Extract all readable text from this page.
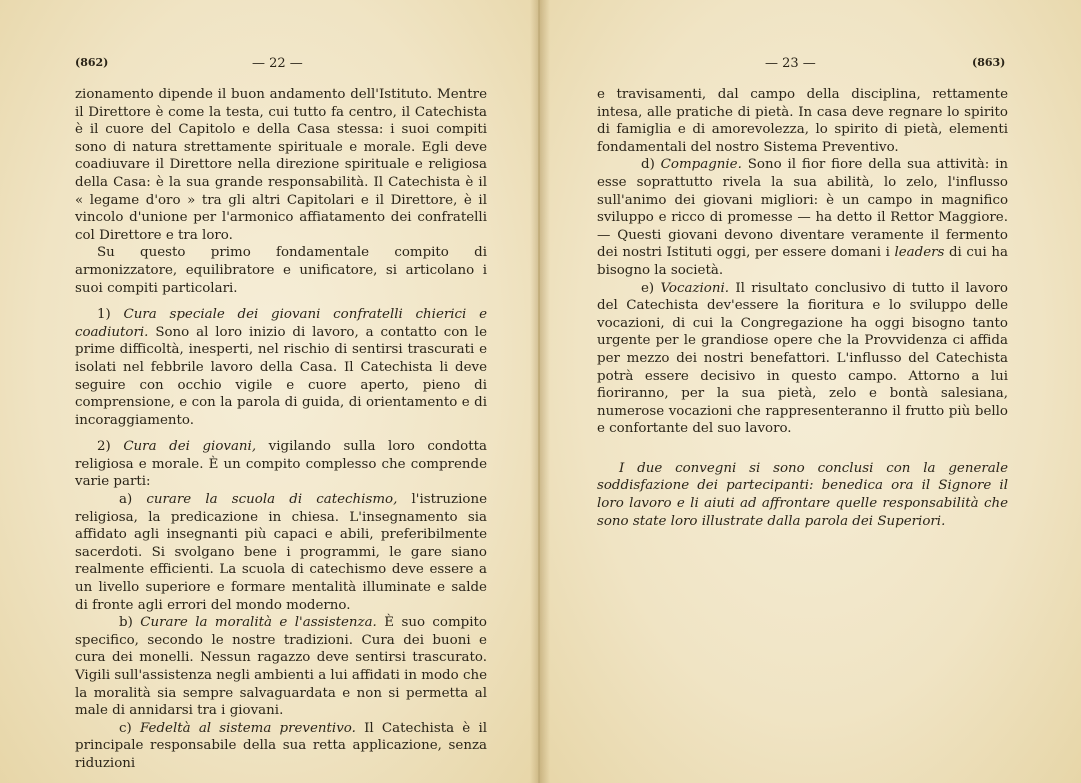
(862)	— 22 —

zionamento dipende il buon andamento dell'Istituto. Mentre il Direttore è come la testa, cui tutto fa centro, il Catechista è il cuore del Capitolo e della Casa stessa: i suoi compiti sono di natura strettamente spirituale e morale. Egli deve coadiuvare il Direttore nella direzione spirituale e religiosa della Casa: è la sua grande responsabilità. Il Catechista è il « legame d'oro » tra gli altri Capitolari e il Direttore, è il vincolo d'unione per l'armonico affiatamento dei confratelli col Direttore e tra loro.

Su questo primo fondamentale compito di armonizzatore, equilibratore e unificatore, si articolano i suoi compiti particolari.

1) Cura speciale dei giovani confratelli chierici e coadiutori. Sono al loro inizio di lavoro, a contatto con le prime difficoltà, inesperti, nel rischio di sentirsi trascurati e isolati nel febbrile lavoro della Casa. Il Catechista li deve seguire con occhio vigile e cuore aperto, pieno di comprensione, e con la parola di guida, di orientamento e di incoraggiamento.

2) Cura dei giovani, vigilando sulla loro condotta religiosa e morale. È un compito complesso che comprende varie parti:

a) curare la scuola di catechismo, l'istruzione religiosa, la predicazione in chiesa. L'insegnamento sia affidato agli insegnanti più capaci e abili, preferibilmente sacerdoti. Si svolgano bene i programmi, le gare siano realmente efficienti. La scuola di catechismo deve essere a un livello superiore e formare mentalità illuminate e salde di fronte agli errori del mondo moderno.

b) Curare la moralità e l'assistenza. È suo compito specifico, secondo le nostre tradizioni. Cura dei buoni e cura dei monelli. Nessun ragazzo deve sentirsi trascurato. Vigili sull'assistenza negli ambienti a lui affidati in modo che la moralità sia sempre salvaguardata e non si permetta al male di annidarsi tra i giovani.

c) Fedeltà al sistema preventivo. Il Catechista è il principale responsabile della sua retta applicazione, senza riduzioni

— 23 —	(863)

e travisamenti, dal campo della disciplina, rettamente intesa, alle pratiche di pietà. In casa deve regnare lo spirito di famiglia e di amorevolezza, lo spirito di pietà, elementi fondamentali del nostro Sistema Preventivo.

d) Compagnie. Sono il fior fiore della sua attività: in esse soprattutto rivela la sua abilità, lo zelo, l'influsso sull'animo dei giovani migliori: è un campo in magnifico sviluppo e ricco di promesse — ha detto il Rettor Maggiore. — Questi giovani devono diventare veramente il fermento dei nostri Istituti oggi, per essere domani i leaders di cui ha bisogno la società.

e) Vocazioni. Il risultato conclusivo di tutto il lavoro del Catechista dev'essere la fioritura e lo sviluppo delle vocazioni, di cui la Congregazione ha oggi bisogno tanto urgente per le grandiose opere che la Provvidenza ci affida per mezzo dei nostri benefattori. L'influsso del Catechista potrà essere decisivo in questo campo. Attorno a lui fioriranno, per la sua pietà, zelo e bontà salesiana, numerose vocazioni che rappresenteranno il frutto più bello e confortante del suo lavoro.

I due convegni si sono conclusi con la generale soddisfazione dei partecipanti: benedica ora il Signore il loro lavoro e li aiuti ad affrontare quelle responsabilità che sono state loro illustrate dalla parola dei Superiori.
